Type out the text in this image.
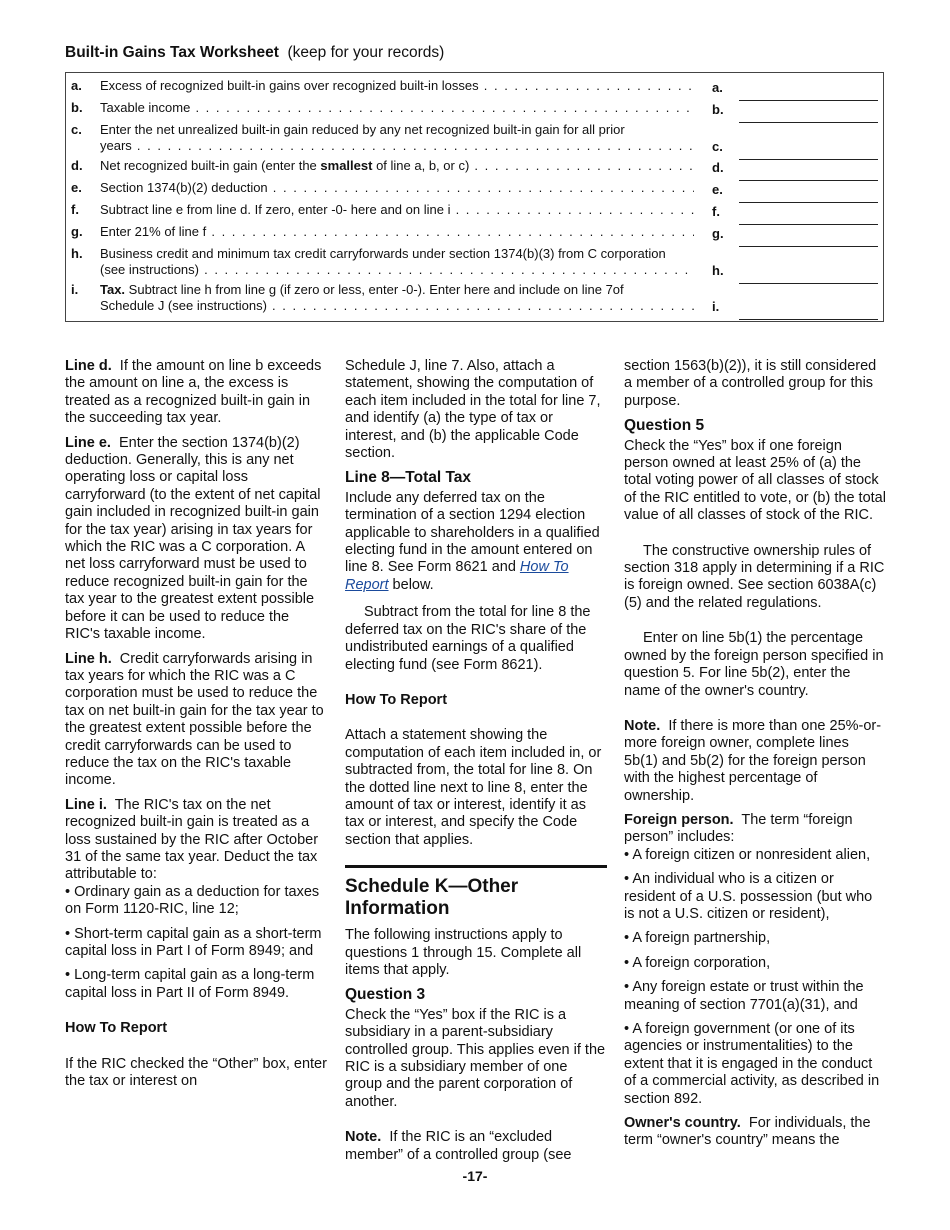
Built-in Gains Tax Worksheet (keep for your records)
a. Excess of recognized built-in gains over recognized built-in losses . . .	a.
b. Taxable income . . .	b.
c. Enter the net unrealized built-in gain reduced by any net recognized built-in gain for all prior
years . . .	c.
d. Net recognized built-in gain (enter the smallest of line a, b, or c) . . .	d.
e. Section 1374(b)(2) deduction . . .	e.
f. Subtract line e from line d. If zero, enter -0- here and on line i . . .	f.
g. Enter 21% of line f . . .	g.
h. Business credit and minimum tax credit carryforwards under section 1374(b)(3) from C corporation
(see instructions) . . .	h.
i. Tax. Subtract line h from line g (if zero or less, enter -0-). Enter here and include on line 7of
Schedule J (see instructions) . . .	i.

Line d. If the amount on line b exceeds the amount on line a, the excess is treated as a recognized built-in gain in the succeeding tax year.

Line e. Enter the section 1374(b)(2) deduction. Generally, this is any net operating loss or capital loss carryforward (to the extent of net capital gain included in recognized built-in gain for the tax year) arising in tax years for which the RIC was a C corporation. A net loss carryforward must be used to reduce recognized built-in gain for the tax year to the greatest extent possible before it can be used to reduce the RIC's taxable income.

Line h. Credit carryforwards arising in tax years for which the RIC was a C corporation must be used to reduce the tax on net built-in gain for the tax year to the greatest extent possible before the credit carryforwards can be used to reduce the tax on the RIC's taxable income.

Line i. The RIC's tax on the net recognized built-in gain is treated as a loss sustained by the RIC after October 31 of the same tax year. Deduct the tax attributable to:

• Ordinary gain as a deduction for taxes on Form 1120-RIC, line 12;

• Short-term capital gain as a short-term capital loss in Part I of Form 8949; and

• Long-term capital gain as a long-term capital loss in Part II of Form 8949.

How To Report

If the RIC checked the “Other” box, enter the tax or interest on

Schedule J, line 7. Also, attach a statement, showing the computation of each item included in the total for line 7, and identify (a) the type of tax or interest, and (b) the applicable Code section.

Line 8—Total Tax

Include any deferred tax on the termination of a section 1294 election applicable to shareholders in a qualified electing fund in the amount entered on line 8. See Form 8621 and How To Report below.

Subtract from the total for line 8 the deferred tax on the RIC's share of the undistributed earnings of a qualified electing fund (see Form 8621).

How To Report

Attach a statement showing the computation of each item included in, or subtracted from, the total for line 8. On the dotted line next to line 8, enter the amount of tax or interest, identify it as tax or interest, and specify the Code section that applies.

Schedule K—Other Information

The following instructions apply to questions 1 through 15. Complete all items that apply.

Question 3

Check the “Yes” box if the RIC is a subsidiary in a parent-subsidiary controlled group. This applies even if the RIC is a subsidiary member of one group and the parent corporation of another.

Note. If the RIC is an “excluded member” of a controlled group (see

section 1563(b)(2)), it is still considered a member of a controlled group for this purpose.

Question 5

Check the “Yes” box if one foreign person owned at least 25% of (a) the total voting power of all classes of stock of the RIC entitled to vote, or (b) the total value of all classes of stock of the RIC.

The constructive ownership rules of section 318 apply in determining if a RIC is foreign owned. See section 6038A(c)(5) and the related regulations.

Enter on line 5b(1) the percentage owned by the foreign person specified in question 5. For line 5b(2), enter the name of the owner's country.

Note. If there is more than one 25%-or-more foreign owner, complete lines 5b(1) and 5b(2) for the foreign person with the highest percentage of ownership.

Foreign person. The term “foreign person” includes:

• A foreign citizen or nonresident alien,

• An individual who is a citizen or resident of a U.S. possession (but who is not a U.S. citizen or resident),

• A foreign partnership,

• A foreign corporation,

• Any foreign estate or trust within the meaning of section 7701(a)(31), and

• A foreign government (or one of its agencies or instrumentalities) to the extent that it is engaged in the conduct of a commercial activity, as described in section 892.

Owner's country. For individuals, the term “owner's country” means the

-17-
